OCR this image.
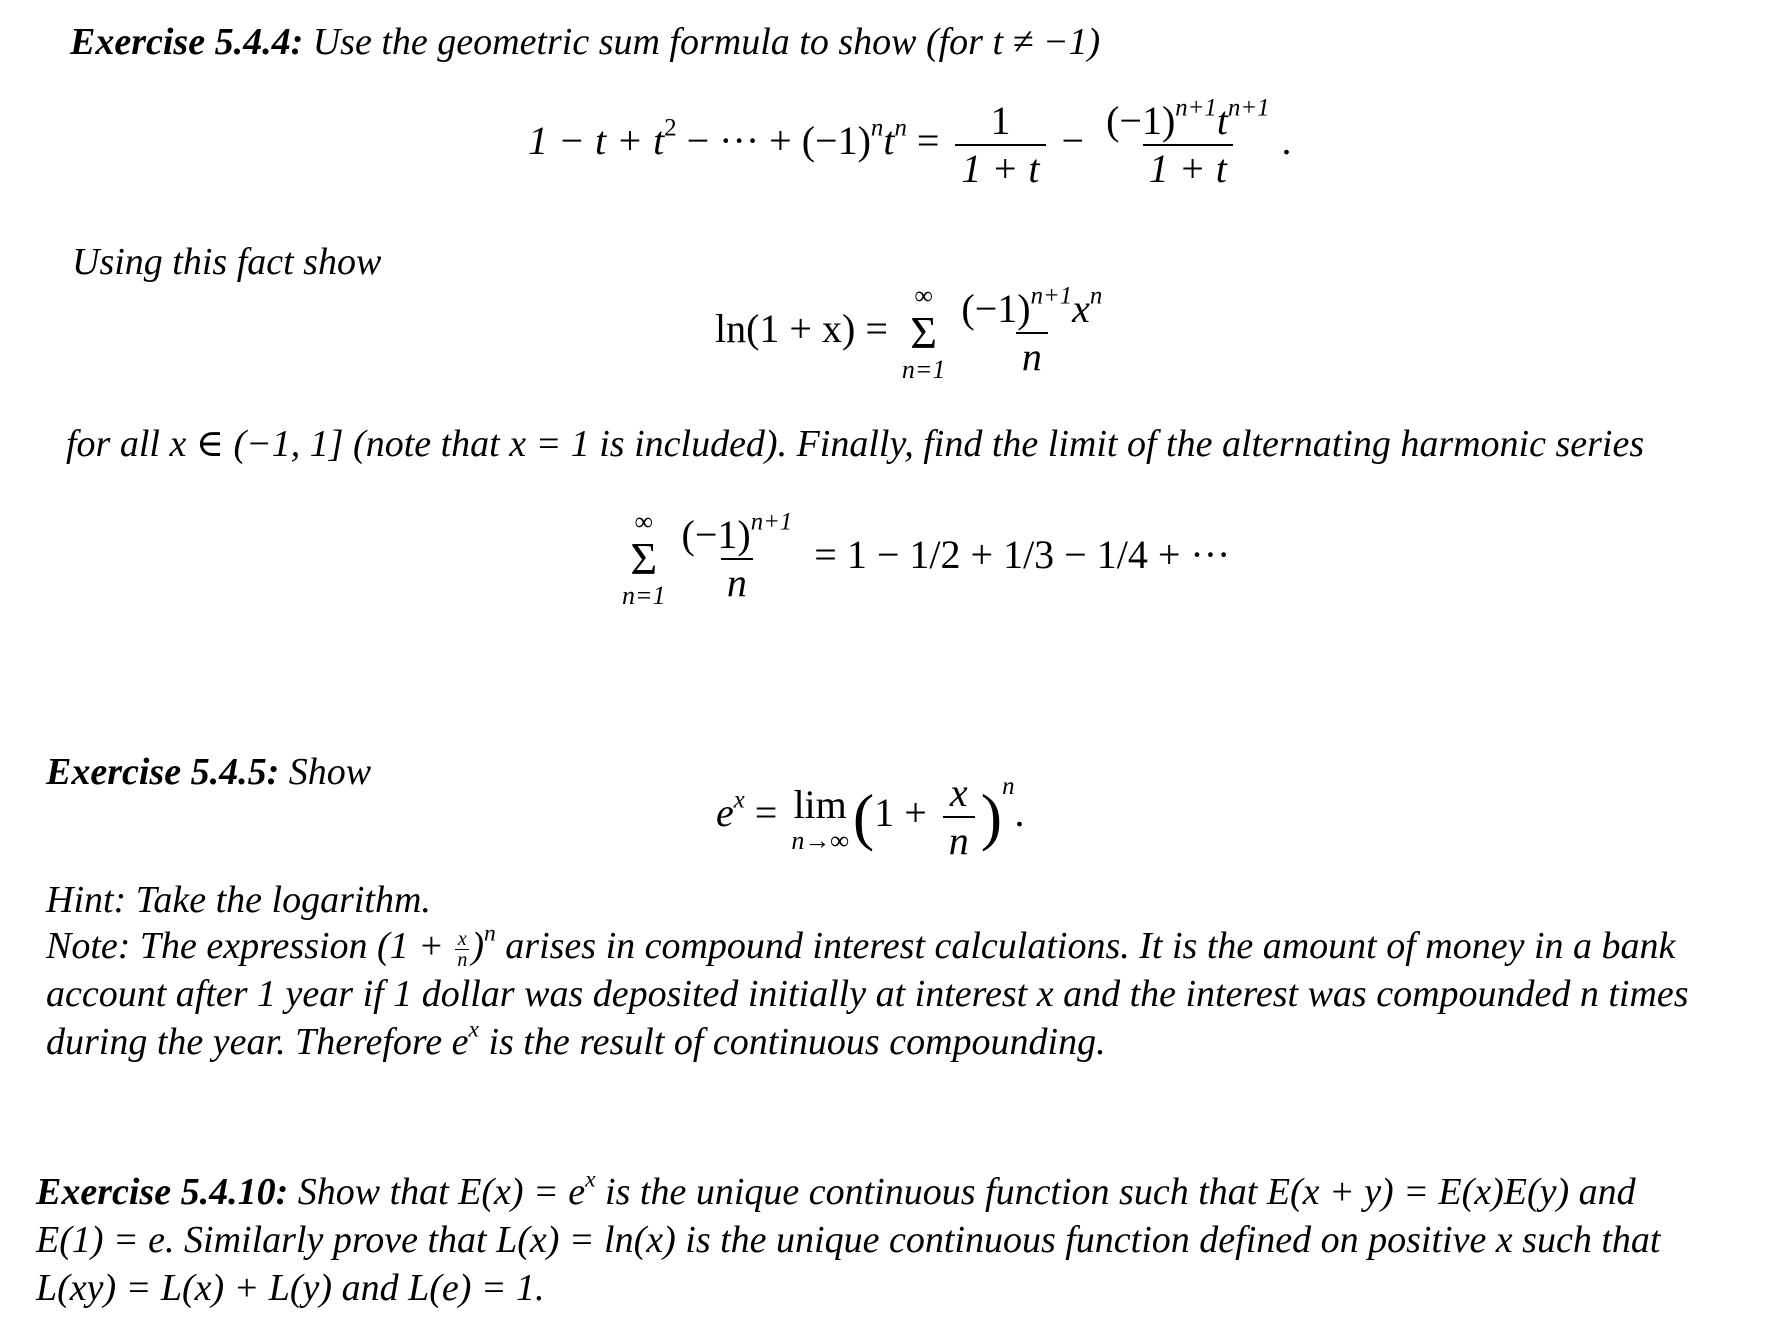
Exercise 5.4.4: Use the geometric sum formula to show (for t ≠ −1)
$1 - t + t^2$ − ··· + $(-1)^nt^n = \frac{1}{1 + t} - \frac{(-1)^{n+1}t^{n+1}}{1 + t}$ .
Using this fact show
ln(1 + x) =
∞
Σ
$n=1 \frac{(-1)^{n+1}x^n}{n}$
for all x ∈ (−1, 1] (note that x = 1 is included). Finally, find the limit of the alternating harmonic series
∞
Σ
$n=1 \frac{(-1)^{n+1}}{n} = 1 - 1/2 + 1/3 - 1/4$ + ···
Exercise 5.4.5: Show
$e^x = \lim$
n→∞ $(1 + \frac{x}{n} )^n$.
Hint: Take the logarithm.
Note: The expression $(1 + \frac{x}{n} )^n$ arises in compound interest calculations. It is the amount of money in a bank
account after 1 year if 1 dollar was deposited initially at interest x and the interest was compounded n times
during the year. Therefore $e^x$ is the result of continuous compounding.
Exercise 5.4.10: Show that $E(x) = e^x$ is the unique continuous function such that E(x + y) = E(x)E(y) and
E(1) = e. Similarly prove that L(x) = ln(x) is the unique continuous function defined on positive x such that
L(xy) = L(x) + L(y) and L(e) = 1.
